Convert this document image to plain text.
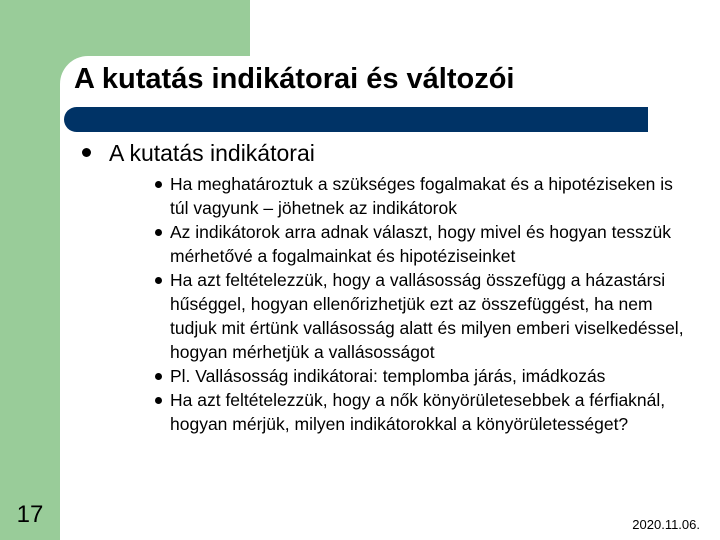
A kutatás indikátorai és változói
A kutatás indikátorai
Ha meghatároztuk a szükséges fogalmakat és a hipotéziseken is túl vagyunk – jöhetnek az indikátorok
Az indikátorok arra adnak választ, hogy mivel és hogyan tesszük mérhetővé a fogalmainkat és hipotéziseinket
Ha azt feltételezzük, hogy a vallásosság összefügg a házastársi hűséggel, hogyan ellenőrizhetjük ezt az összefüggést, ha nem tudjuk mit értünk vallásosság alatt és milyen emberi viselkedéssel, hogyan mérhetjük a vallásosságot
Pl. Vallásosság indikátorai: templomba járás, imádkozás
Ha azt feltételezzük, hogy a nők könyörületesebbek a férfiaknál, hogyan mérjük, milyen indikátorokkal a könyörületességet?
17	2020.11.06.
